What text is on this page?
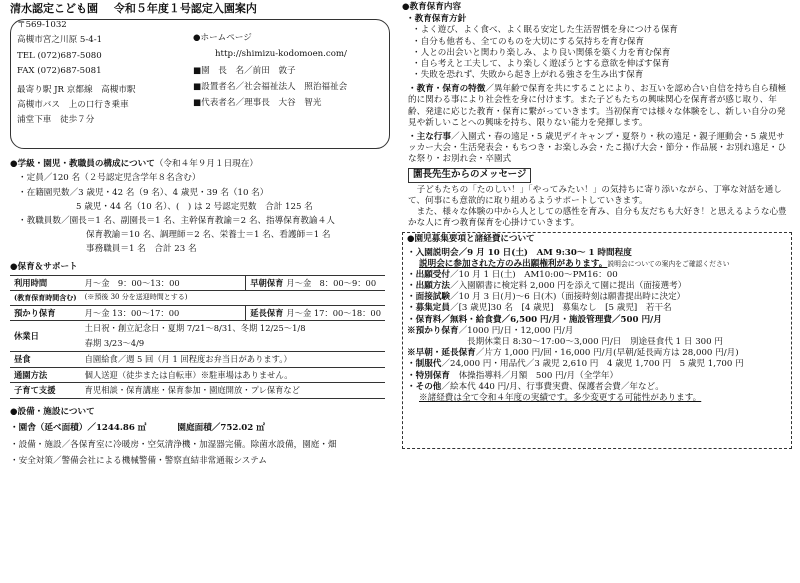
清水認定こども園 令和５年度１号認定入園案内
〒569-1032
高槻市宮之川原 5-4-1
TEL (072)687-5080
FAX (072)687-5081
最寄り駅 JR 京都線　高槻市駅
高槻市バス　上の口行き乗車
浦堂下車　徒歩７分
●ホームページ
http://shimizu-kodomoen.com/
■園　長　名／前田　敦子
■設置者名／社会福祉法人　照治福祉会
■代表者名／理事長　大谷　智光
●学級・園児・教職員の構成について（令和４年９月１日現在）
・定員／120 名（２号認定児含学年８名含む）
・在籍園児数／3 歳児・42 名（9 名）、4 歳児・39 名（10 名）
5 歳児・44 名（10 名）、(　) は 2 号認定児数　合計 125 名
・教職員数／園長＝1 名、副園長＝1 名、主幹保育教諭＝2 名、指導保育教諭４人
保育教諭＝10 名、調理師＝2 名、栄養士＝1 名、看護師＝1 名
事務職員＝1 名　合計 23 名
●保育＆サポート
利用時間	月～金　9：00～13：00	早朝保育 月～金　8：00～9：00
(教育保育時間含む)	(※預後 30 分を送迎時間とする)	
預かり保育	月～金 13：00～17：00	延長保育 月～金 17：00～18：00
休業日	土日祝・創立記念日・夏期 7/21～8/31、冬期 12/25～1/8	
	春期 3/23～4/9	
昼食	自園給食／週 5 回（月 1 回程度お弁当日があります。）	
通園方法	個人送迎（徒歩または自転車）※駐車場はありません。	
子育て支援	育児相談・保育講座・保育参加・園庭開放・プレ保育など	
●設備・施設について
・園舎（延べ面積）／1244.86 ㎡	園庭面積／752.02 ㎡
・設備・施設／各保育室に冷暖房・空気清浄機・加湿器完備。除菌水設備，園庭・畑
・安全対策／警備会社による機械警備・警察直結非常通報システム
●教育保育内容
・教育保育方針
・よく遊び、よく食べ、よく眠る安定した生活習慣を身につける保育
・自分も他者も、全てのものを大切にする気持ちを育む保育
・人との出会いと関わり楽しみ、より良い関係を築く力を育む保育
・自ら考えと工夫して、より楽しく遊ぼうとする意欲を伸ばす保育
・失敗を恐れず、失敗から起き上がれる強さを生み出す保育
・教育・保育の特徴／異年齢で保育を共にすることにより、お互いを認め合い自信を持ち自ら積極的に関わる事により社会性を身に付けます。また子どもたちの興味関心を保育者が感じ取り、年齢、発達に応じた教育・保育に繋がっていきます。当初保育では様々な体験をし、新しい自分の発見や新しいことへの興味を持ち、限りない能力を発揮します。
・主な行事／入園式・春の遠足・5 歳児デイキャンプ・夏祭り・秋の遠足・親子運動会・5 歳児サッカー大会・生活発表会・もちつき・お楽しみ会・たこ揚げ大会・節分・作品展・お別れ遠足・ひな祭り・お別れ会・卒園式
園長先生からのメッセージ
子どもたちの「たのしい！」「やってみたい！」の気持ちに寄り添いながら、丁寧な対話を通して、何事にも意欲的に取り組めるようサポートしていきます。
また、様々な体験の中から人としての感性を育み、自分も友だちも大好き！と思えるような心豊かな人に育つ教育保育を心掛けていきます。
●園児募集要項と諸経費について
・入園説明会／9 月 10 日(土)　AM 9:30～ 1 時間程度
説明会に参加された方のみ出願権利があります。説明会についての案内をご確認ください
・出願受付／10 月 1 日(土)　AM10:00～PM16：00
・出願方法／入園願書に検定料 2,000 円を添えて園に提出（面接選考）
・面接試験／10 月 3 日(月)～6 日(木)（面接時刻は願書提出時に決定）
・募集定員／[3 歳児]30 名　[4 歳児]　募集なし　[5 歳児]　若干名
・保育料／無料・給食費／6,500 円/月・施設管理費／500 円/月
※預かり保育／1000 円/日・12,000 円/月
長期休業日 8:30～17:00～3,000 円/日　別途昼食代 1 日 300 円
※早朝・延長保育／片方 1,000 円/回・16,000 円/月(早朝/延長両方は 28,000 円/月)
・制服代／24,000 円・用品代／3 歳児 2,610 円　4 歳児 1,700 円　5 歳児 1,700 円
・特別保育　体操指導料／月額　500 円/月（全学年）
・その他／絵本代 440 円/月、行事費実費、保護者会費／年など。
※諸経費は全て令和４年度の実績です。多少変更する可能性があります。
